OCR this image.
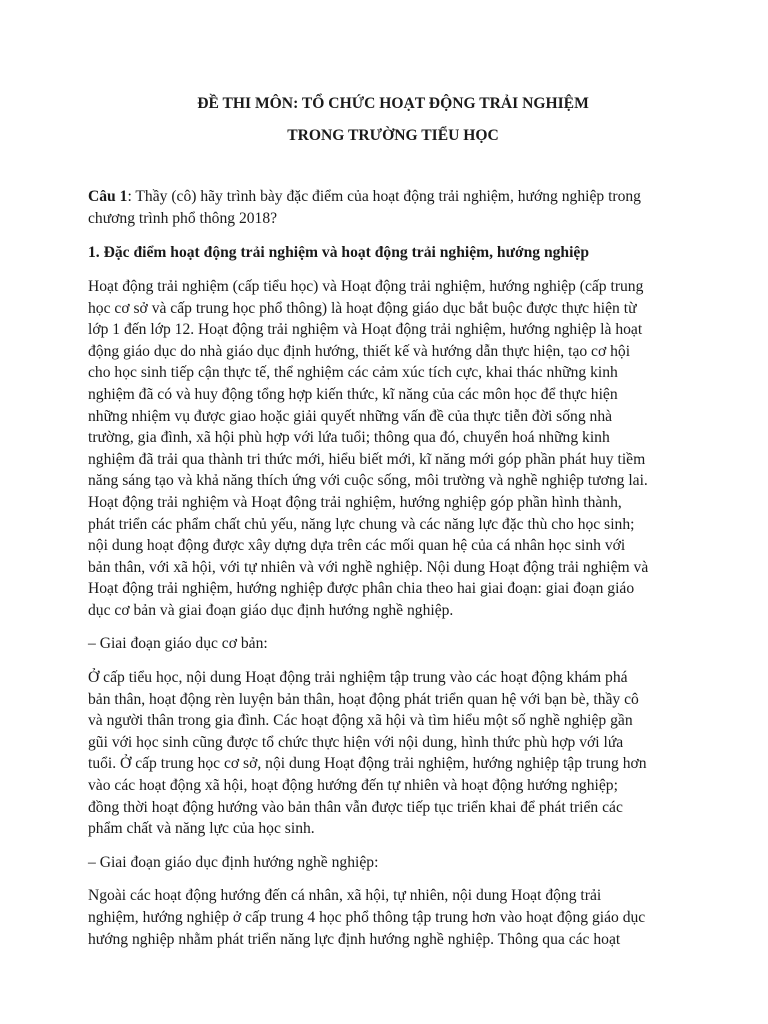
ĐỀ THI MÔN: TỔ CHỨC HOẠT ĐỘNG TRẢI NGHIỆM

TRONG TRƯỜNG TIỂU HỌC

Câu 1: Thầy (cô) hãy trình bày đặc điểm của hoạt động trải nghiệm, hướng nghiệp trong
chương trình phổ thông 2018?

1. Đặc điểm hoạt động trải nghiệm và hoạt động trải nghiệm, hướng nghiệp

Hoạt động trải nghiệm (cấp tiểu học) và Hoạt động trải nghiệm, hướng nghiệp (cấp trung
học cơ sở và cấp trung học phổ thông) là hoạt động giáo dục bắt buộc được thực hiện từ
lớp 1 đến lớp 12. Hoạt động trải nghiệm và Hoạt động trải nghiệm, hướng nghiệp là hoạt
động giáo dục do nhà giáo dục định hướng, thiết kế và hướng dẫn thực hiện, tạo cơ hội
cho học sinh tiếp cận thực tế, thể nghiệm các cảm xúc tích cực, khai thác những kinh
nghiệm đã có và huy động tổng hợp kiến thức, kĩ năng của các môn học để thực hiện
những nhiệm vụ được giao hoặc giải quyết những vấn đề của thực tiễn đời sống nhà
trường, gia đình, xã hội phù hợp với lứa tuổi; thông qua đó, chuyển hoá những kinh
nghiệm đã trải qua thành tri thức mới, hiểu biết mới, kĩ năng mới góp phần phát huy tiềm
năng sáng tạo và khả năng thích ứng với cuộc sống, môi trường và nghề nghiệp tương lai.
Hoạt động trải nghiệm và Hoạt động trải nghiệm, hướng nghiệp góp phần hình thành,
phát triển các phẩm chất chủ yếu, năng lực chung và các năng lực đặc thù cho học sinh;
nội dung hoạt động được xây dựng dựa trên các mối quan hệ của cá nhân học sinh với
bản thân, với xã hội, với tự nhiên và với nghề nghiệp. Nội dung Hoạt động trải nghiệm và
Hoạt động trải nghiệm, hướng nghiệp được phân chia theo hai giai đoạn: giai đoạn giáo
dục cơ bản và giai đoạn giáo dục định hướng nghề nghiệp.

– Giai đoạn giáo dục cơ bản:

Ở cấp tiểu học, nội dung Hoạt động trải nghiệm tập trung vào các hoạt động khám phá
bản thân, hoạt động rèn luyện bản thân, hoạt động phát triển quan hệ với bạn bè, thầy cô
và người thân trong gia đình. Các hoạt động xã hội và tìm hiểu một số nghề nghiệp gần
gũi với học sinh cũng được tổ chức thực hiện với nội dung, hình thức phù hợp với lứa
tuổi. Ở cấp trung học cơ sở, nội dung Hoạt động trải nghiệm, hướng nghiệp tập trung hơn
vào các hoạt động xã hội, hoạt động hướng đến tự nhiên và hoạt động hướng nghiệp;
đồng thời hoạt động hướng vào bản thân vẫn được tiếp tục triển khai để phát triển các
phẩm chất và năng lực của học sinh.

– Giai đoạn giáo dục định hướng nghề nghiệp:

Ngoài các hoạt động hướng đến cá nhân, xã hội, tự nhiên, nội dung Hoạt động trải
nghiệm, hướng nghiệp ở cấp trung 4 học phổ thông tập trung hơn vào hoạt động giáo dục
hướng nghiệp nhằm phát triển năng lực định hướng nghề nghiệp. Thông qua các hoạt
